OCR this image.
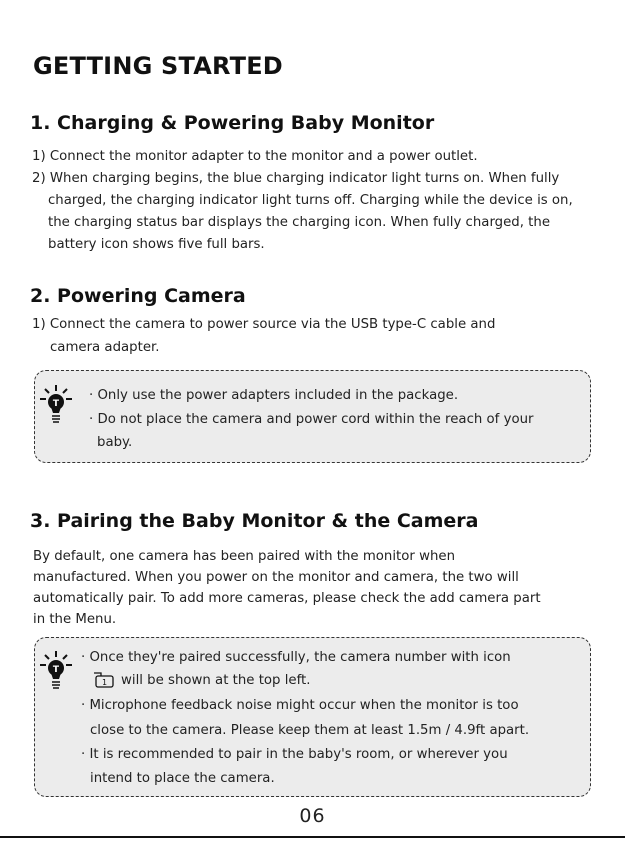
GETTING STARTED
1. Charging & Powering Baby Monitor

1) Connect the monitor adapter to the monitor and a power outlet.

2) When charging begins, the blue charging indicator light turns on. When fully

charged, the charging indicator light turns off. Charging while the device is on,

the charging status bar displays the charging icon. When fully charged, the

battery icon shows five full bars.

2. Powering Camera

1) Connect the camera to power source via the USB type-C cable and

camera adapter.

T

· Only use the power adapters included in the package.

· Do not place the camera and power cord within the reach of your

baby.

3. Pairing the Baby Monitor & the Camera

By default, one camera has been paired with the monitor when

manufactured. When you power on the monitor and camera, the two will

automatically pair. To add more cameras, please check the add camera part

in the Menu.

T

· Once they're paired successfully, the camera number with icon

1 will be shown at the top left.

· Microphone feedback noise might occur when the monitor is too

close to the camera. Please keep them at least 1.5m / 4.9ft apart.

· It is recommended to pair in the baby's room, or wherever you

intend to place the camera.

06
